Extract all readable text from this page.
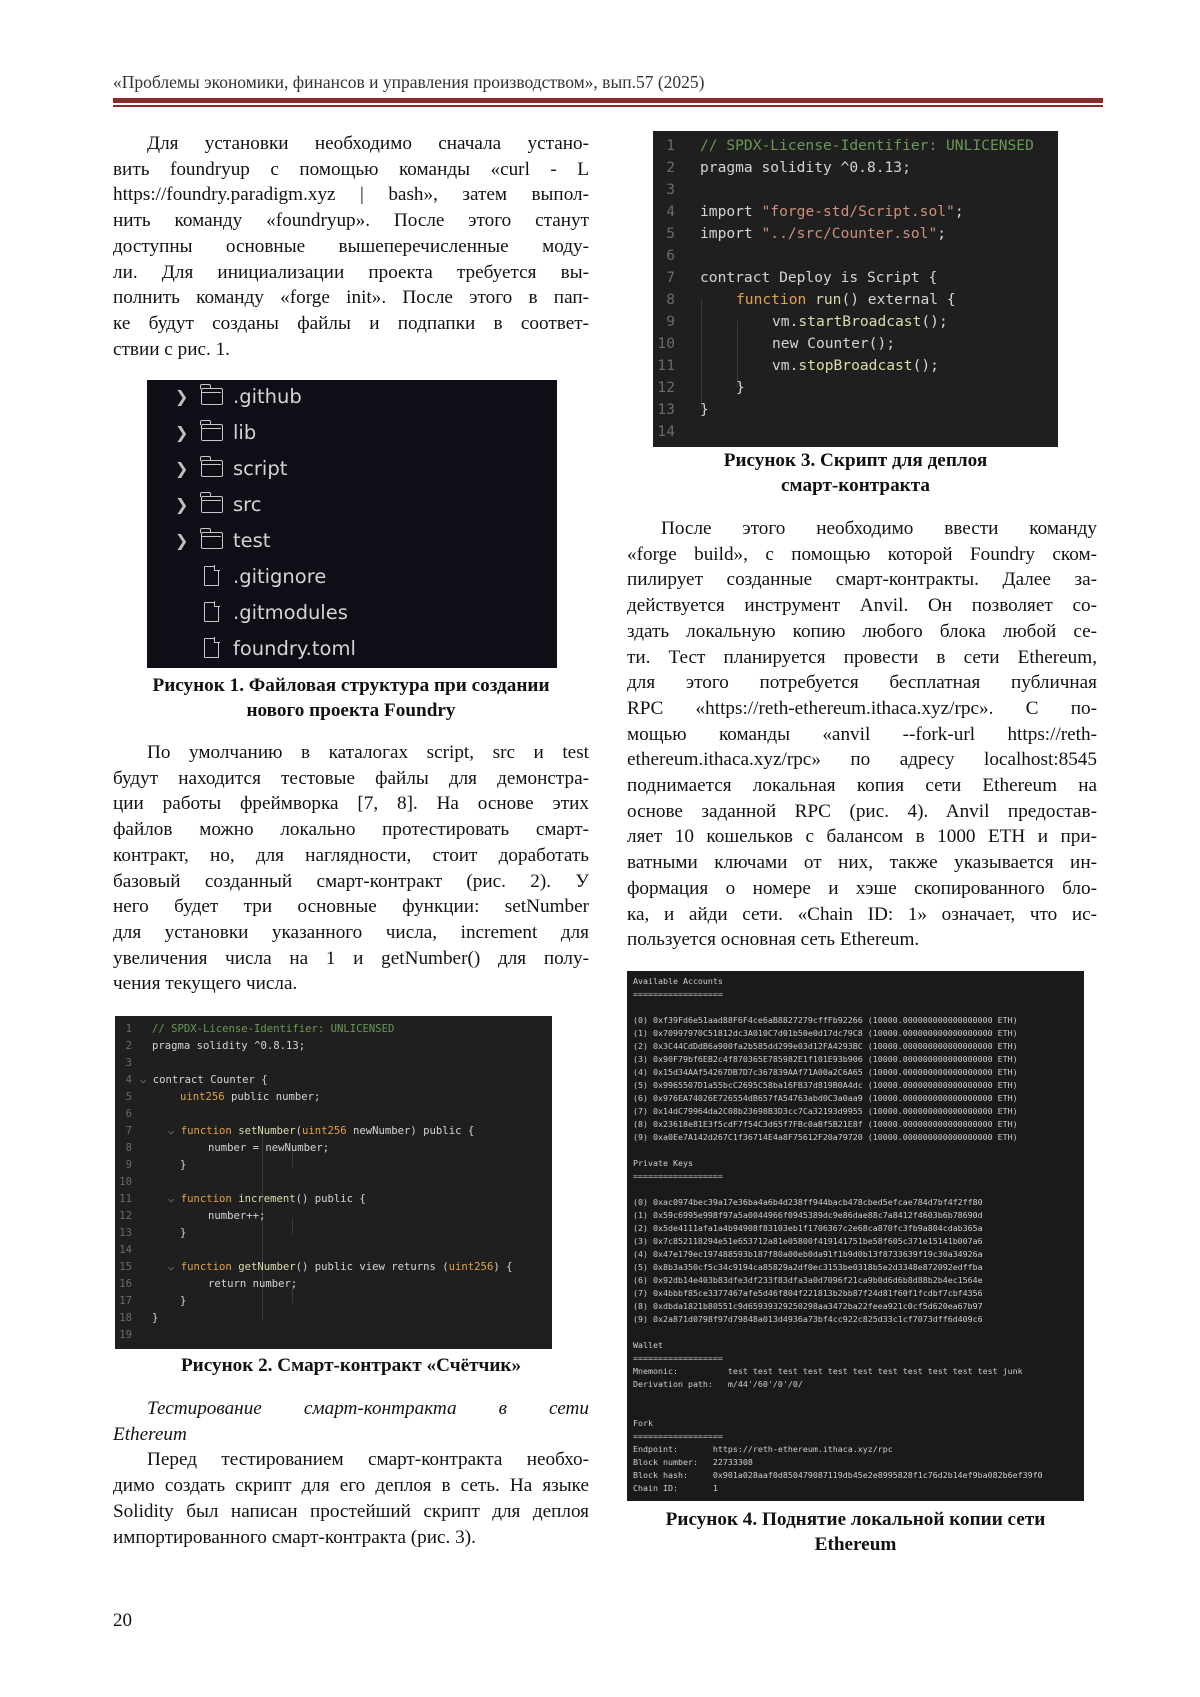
«Проблемы экономики, финансов и управления производством», вып.57 (2025)

Для установки необходимо сначала устано-

вить foundryup с помощью команды «curl - L

https://foundry.paradigm.xyz | bash», затем выпол-

нить команду «foundryup». После этого станут

доступны основные вышеперечисленные моду-

ли. Для инициализации проекта требуется вы-

полнить команду «forge init». После этого в пап-

ке будут созданы файлы и подпапки в соответ-

ствии с рис. 1.

❯ .github
❯ lib
❯ script
❯ src
❯ test
.gitignore
.gitmodules
foundry.toml
Рисунок 1. Файловая структура при создании
нового проекта Foundry

По умолчанию в каталогах script, src и test

будут находится тестовые файлы для демонстра-

ции работы фреймворка [7, 8]. На основе этих

файлов можно локально протестировать смарт-

контракт, но, для наглядности, стоит доработать

базовый созданный смарт-контракт (рис. 2). У

него будет три основные функции: setNumber

для установки указанного числа, increment для

увеличения числа на 1 и getNumber() для полу-

чения текущего числа.

1
2
3
4
5
6
7
8
9
10
11
12
13
14
15
16
17
18
19
// SPDX-License-Identifier: UNLICENSED
pragma solidity ^0.8.13;
⌵ contract Counter {
uint256 public number;
⌵ function setNumber(uint256 newNumber) public {
number = newNumber;
}
⌵ function increment() public {
number++;
}
⌵ function getNumber() public view returns (uint256) {
return number;
}
}
Рисунок 2. Смарт-контракт «Счётчик»

Тестирование смарт-контракта в сети

Ethereum

Перед тестированием смарт-контракта необхо-

димо создать скрипт для его деплоя в сеть. На языке

Solidity был написан простейший скрипт для деплоя

импортированного смарт-контракта (рис. 3).

1
2
3
4
5
6
7
8
9
10
11
12
13
14
// SPDX-License-Identifier: UNLICENSED
pragma solidity ^0.8.13;
import "forge-std/Script.sol";
import "../src/Counter.sol";
contract Deploy is Script {
function run() external {
vm.startBroadcast();
new Counter();
vm.stopBroadcast();
}
}
Рисунок 3. Скрипт для деплоя
смарт-контракта

После этого необходимо ввести команду

«forge build», с помощью которой Foundry ском-

пилирует созданные смарт-контракты. Далее за-

действуется инструмент Anvil. Он позволяет со-

здать локальную копию любого блока любой се-

ти. Тест планируется провести в сети Ethereum,

для этого потребуется бесплатная публичная

RPC «https://reth-ethereum.ithaca.xyz/rpc». С по-

мощью команды «anvil --fork-url https://reth-

ethereum.ithaca.xyz/rpc» по адресу localhost:8545

поднимается локальная копия сети Ethereum на

основе заданной RPC (рис. 4). Anvil предостав-

ляет 10 кошельков с балансом в 1000 ETH и при-

ватными ключами от них, также указывается ин-

формация о номере и хэше скопированного бло-

ка, и айди сети. «Chain ID: 1» означает, что ис-

пользуется основная сеть Ethereum.

Available Accounts
==================
(0) 0xf39Fd6e51aad88F6F4ce6aB8827279cffFb92266 (10000.000000000000000000 ETH)
(1) 0x70997970C51812dc3A010C7d01b50e0d17dc79C8 (10000.000000000000000000 ETH)
(2) 0x3C44CdDdB6a900fa2b585dd299e03d12FA4293BC (10000.000000000000000000 ETH)
(3) 0x90F79bf6EB2c4f870365E785982E1f101E93b906 (10000.000000000000000000 ETH)
(4) 0x15d34AAf54267DB7D7c367839AAf71A00a2C6A65 (10000.000000000000000000 ETH)
(5) 0x9965507D1a55bcC2695C58ba16FB37d819B0A4dc (10000.000000000000000000 ETH)
(6) 0x976EA74026E726554dB657fA54763abd0C3a0aa9 (10000.000000000000000000 ETH)
(7) 0x14dC79964da2C08b23698B3D3cc7Ca32193d9955 (10000.000000000000000000 ETH)
(8) 0x23618e81E3f5cdF7f54C3d65f7FBc0aBf5B21E8f (10000.000000000000000000 ETH)
(9) 0xa0Ee7A142d267C1f36714E4a8F75612F20a79720 (10000.000000000000000000 ETH)
Private Keys
==================
(0) 0xac0974bec39a17e36ba4a6b4d238ff944bacb478cbed5efcae784d7bf4f2ff80
(1) 0x59c6995e998f97a5a0044966f0945389dc9e86dae88c7a8412f4603b6b78690d
(2) 0x5de4111afa1a4b94908f83103eb1f1706367c2e68ca870fc3fb9a804cdab365a
(3) 0x7c852118294e51e653712a81e05800f419141751be58f605c371e15141b007a6
(4) 0x47e179ec197488593b187f80a00eb0da91f1b9d0b13f8733639f19c30a34926a
(5) 0x8b3a350cf5c34c9194ca85829a2df0ec3153be0318b5e2d3348e872092edffba
(6) 0x92db14e403b83dfe3df233f83dfa3a0d7096f21ca9b0d6d6b8d88b2b4ec1564e
(7) 0x4bbbf85ce3377467afe5d46f804f221813b2bb87f24d81f60f1fcdbf7cbf4356
(8) 0xdbda1821b80551c9d65939329250298aa3472ba22feea921c0cf5d620ea67b97
(9) 0x2a871d0798f97d79848a013d4936a73bf4cc922c825d33c1cf7073dff6d409c6
Wallet
==================
Mnemonic:          test test test test test test test test test test test junk
Derivation path:   m/44'/60'/0'/0/
Fork
==================
Endpoint:       https://reth-ethereum.ithaca.xyz/rpc
Block number:   22733308
Block hash:     0x901a028aaf0d850479087119db45e2e8995828f1c76d2b14ef9ba082b6ef39f0
Chain ID:       1
Рисунок 4. Поднятие локальной копии сети
Ethereum
20
